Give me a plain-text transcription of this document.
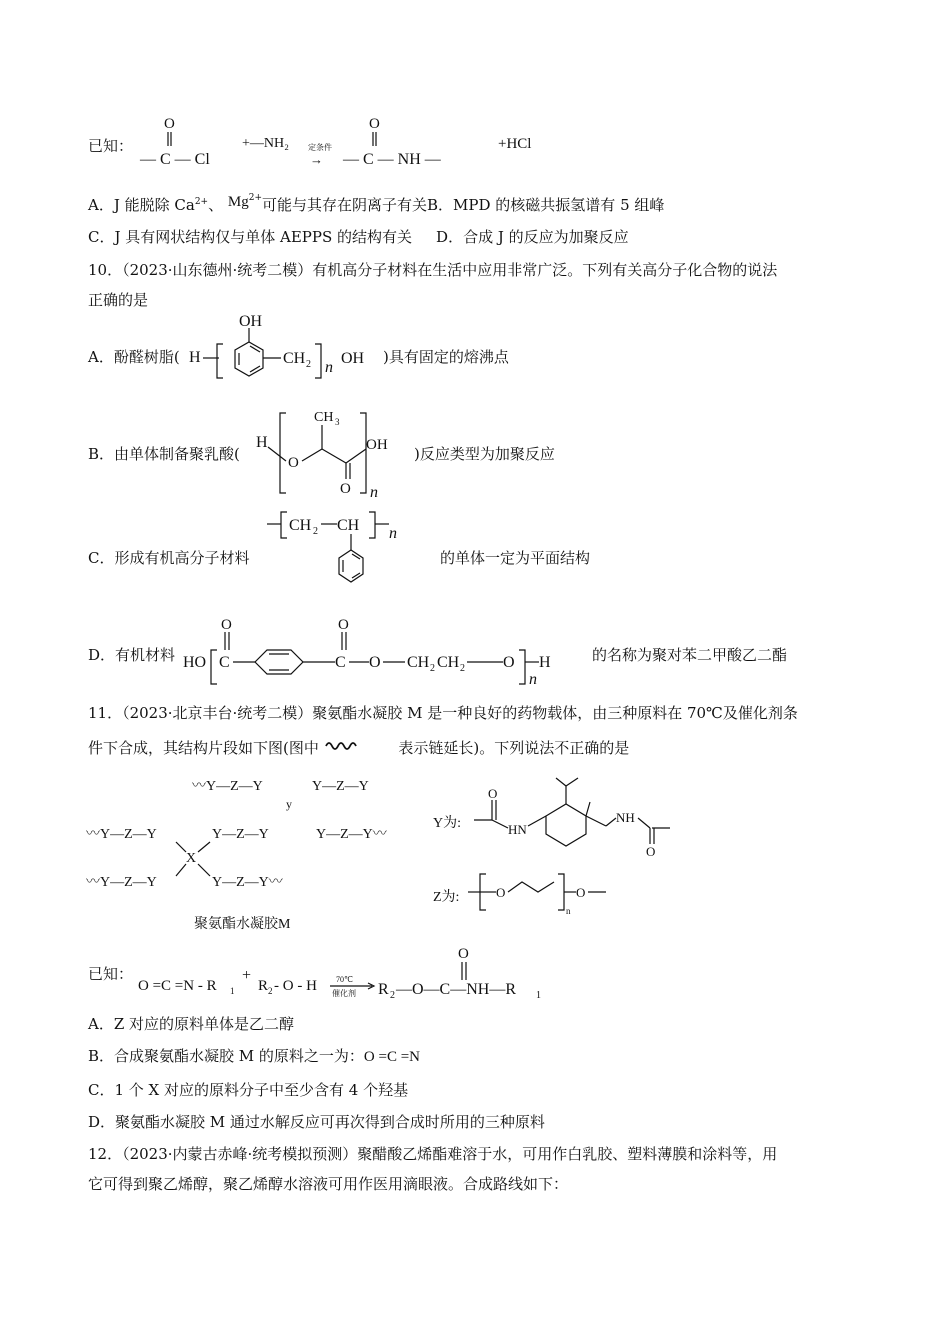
已知：
O
— C — Cl
+—NH₂ 定条件
→
O
— C — NH —
+HCl
A．J 能脱除 $Ca^{2+}$、 $Mg^{2+}$可能与其存在阴离子有关B．MPD 的核磁共振氢谱有 5 组峰
C．J 具有网状结构仅与单体 AEPPS 的结构有关 D．合成 J 的反应为加聚反应
10．（2023·山东德州·统考二模）有机高分子材料在生活中应用非常广泛。下列有关高分子化合物的说法
正确的是
A．酚醛树脂( H
OH
CH 2 n
OH )具有固定的熔沸点
B．由单体制备聚乳酸(
H
O
CH 3
O
OH
n
)反应类型为加聚反应
C．形成有机高分子材料
CH 2 CH n
的单体一定为平面结构
D．有机材料 HO C
O
C
O
O CH 2 CH 2 O H
n
的名称为聚对苯二甲酸乙二酯
11．（2023·北京丰台·统考二模）聚氨酯水凝胶 M 是一种良好的药物载体，由三种原料在 70℃及催化剂条
件下合成，其结构片段如下图(图中	表示链延长)。下列说法不正确的是
〰Y—Z—Y
y
Y—Z—Y
〰Y—Z—Y	Y—Z—Y	Y—Z—Y〰
X
〰Y—Z—Y	Y—Z—Y〰
聚氨酯水凝胶M
Y为:
O
HN
NH
O
Z为:	O
n
O
已知：
O =C =N - R 1
+
R 2 - O - H 70℃
催化剂 R 2 —O—C—NH—R 1
O
A．Z 对应的原料单体是乙二醇
B．合成聚氨酯水凝胶 M 的原料之一为：O =C =N
C．1 个 X 对应的原料分子中至少含有 4 个羟基
D．聚氨酯水凝胶 M 通过水解反应可再次得到合成时所用的三种原料
12．（2023·内蒙古赤峰·统考模拟预测）聚醋酸乙烯酯难溶于水，可用作白乳胶、塑料薄膜和涂料等，用
它可得到聚乙烯醇，聚乙烯醇水溶液可用作医用滴眼液。合成路线如下：
